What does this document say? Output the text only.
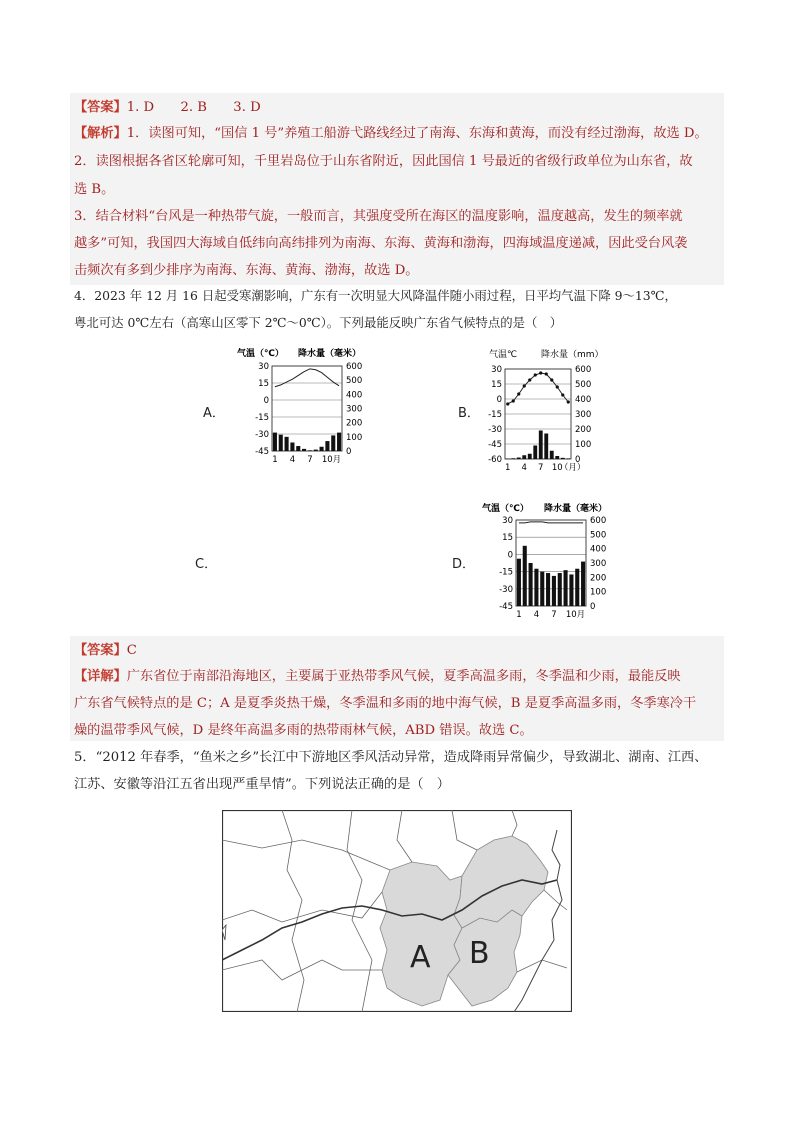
【答案】1. D　　2. B　　3. D
【解析】1．读图可知，“国信 1 号”养殖工船游弋路线经过了南海、东海和黄海，而没有经过渤海，故选 D。
2．读图根据各省区轮廓可知，千里岩岛位于山东省附近，因此国信 1 号最近的省级行政单位为山东省，故
选 B。
3．结合材料“台风是一种热带气旋，一般而言，其强度受所在海区的温度影响，温度越高，发生的频率就
越多”可知，我国四大海域自低纬向高纬排列为南海、东海、黄海和渤海，四海域温度递减，因此受台风袭
击频次有多到少排序为南海、东海、黄海、渤海，故选 D。
4．2023 年 12 月 16 日起受寒潮影响，广东有一次明显大风降温伴随小雨过程，日平均气温下降 9～13℃，
粤北可达 0℃左右（高寒山区零下 2℃～0℃）。下列最能反映广东省气候特点的是（　）
A．	B．
C．	D．
气温（℃） 降水量（毫米）
30
15
0
-15
-30
-45
600
500
400
300
200
100
0
1 4 7 10月
气温℃	降水量（mm）
30
15
0
-15
-30
-45
-60
600
500
400
300
200
100
0
1 4 7 10
（月）
气温（℃） 降水量（毫米）
30
15
0
-15
-30
-45
600
500
400
300
200
100
0
1 4 7 10月
【答案】C
【详解】广东省位于南部沿海地区，主要属于亚热带季风气候，夏季高温多雨，冬季温和少雨，最能反映
广东省气候特点的是 C；A 是夏季炎热干燥，冬季温和多雨的地中海气候，B 是夏季高温多雨，冬季寒冷干
燥的温带季风气候，D 是终年高温多雨的热带雨林气候，ABD 错误。故选 C。
5．“2012 年春季，“鱼米之乡”长江中下游地区季风活动异常，造成降雨异常偏少，导致湖北、湖南、江西、
江苏、安徽等沿江五省出现严重旱情”。下列说法正确的是（　）
A B
